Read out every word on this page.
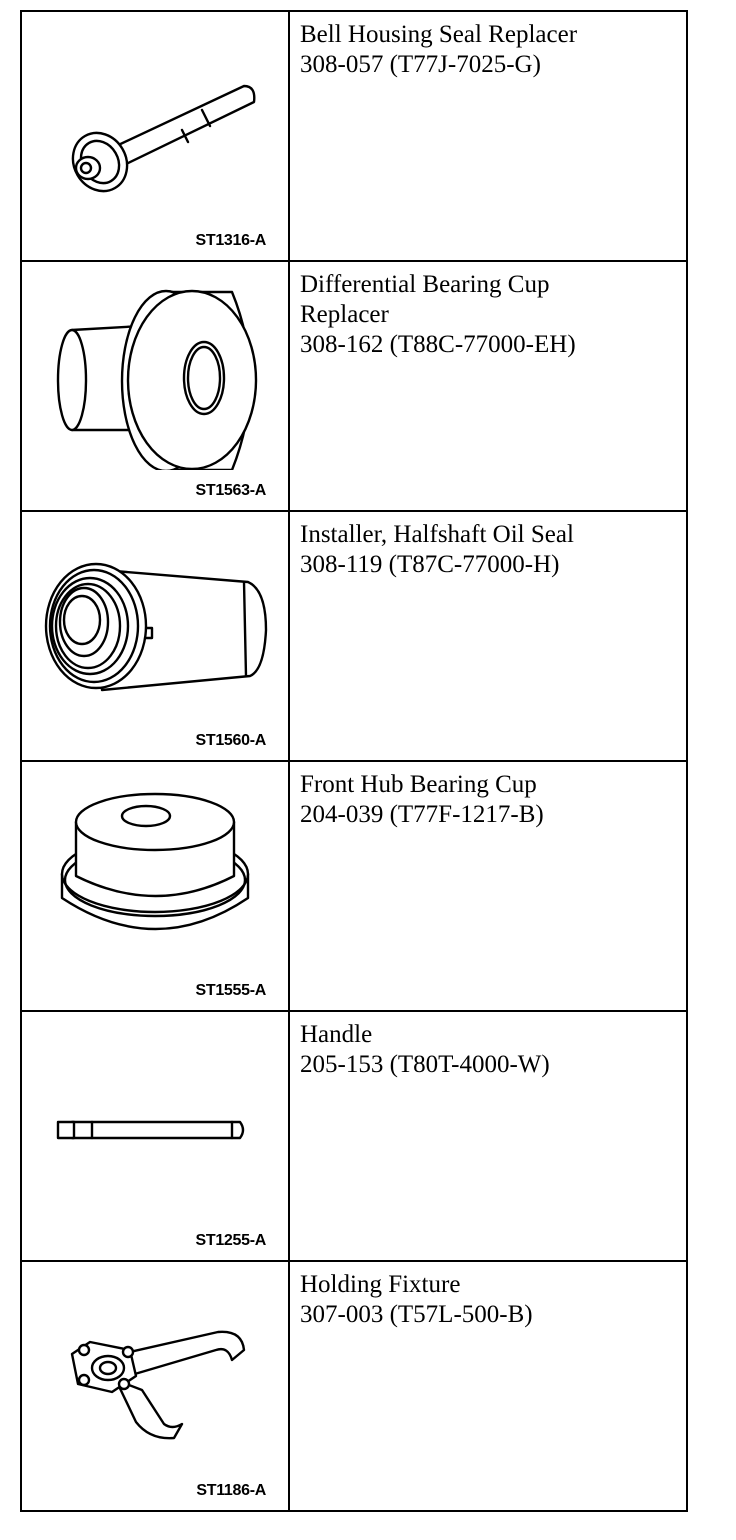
ST1316-A	Bell Housing Seal Replacer

308-057 (T77J-7025-G)

ST1563-A	Differential Bearing Cup

Replacer

308-162 (T88C-77000-EH)

ST1560-A	Installer, Halfshaft Oil Seal

308-119 (T87C-77000-H)

ST1555-A	Front Hub Bearing Cup

204-039 (T77F-1217-B)

ST1255-A	Handle

205-153 (T80T-4000-W)

ST1186-A	Holding Fixture

307-003 (T57L-500-B)
